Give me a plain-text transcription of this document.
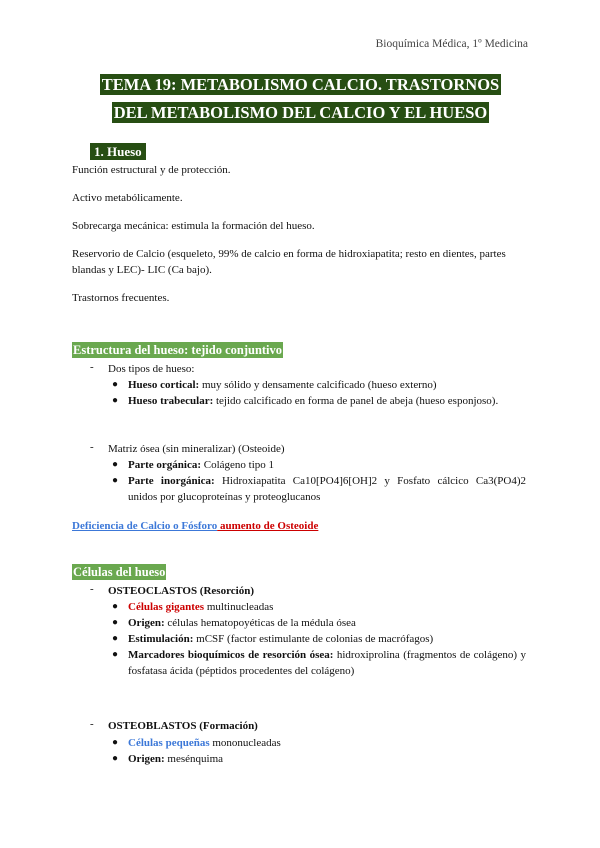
Bioquímica Médica, 1º Medicina
TEMA 19: METABOLISMO CALCIO. TRASTORNOS
DEL METABOLISMO DEL CALCIO Y EL HUESO
1. Hueso

Función estructural y de protección.

Activo metabólicamente.

Sobrecarga mecánica: estimula la formación del hueso.

Reservorio de Calcio (esqueleto, 99% de calcio en forma de hidroxiapatita; resto en dientes, partes blandas y LEC)- LIC (Ca bajo).

Trastornos frecuentes.

Estructura del hueso: tejido conjuntivo
- Dos tipos de hueso:
● Hueso cortical: muy sólido y densamente calcificado (hueso externo)
● Hueso trabecular: tejido calcificado en forma de panel de abeja (hueso esponjoso).
- Matriz ósea (sin mineralizar) (Osteoide)
● Parte orgánica: Colágeno tipo 1
● Parte inorgánica: Hidroxiapatita Ca10[PO4]6[OH]2 y Fosfato cálcico Ca3(PO4)2 unidos por glucoproteínas y proteoglucanos
Deficiencia de Calcio o Fósforo aumento de Osteoide
Células del hueso
- OSTEOCLASTOS (Resorción)
● Células gigantes multinucleadas
● Origen: células hematopoyéticas de la médula ósea
● Estimulación: mCSF (factor estimulante de colonias de macrófagos)
● Marcadores bioquímicos de resorción ósea: hidroxiprolina (fragmentos de colágeno) y fosfatasa ácida (péptidos procedentes del colágeno)
- OSTEOBLASTOS (Formación)
● Células pequeñas mononucleadas
● Origen: mesénquima
